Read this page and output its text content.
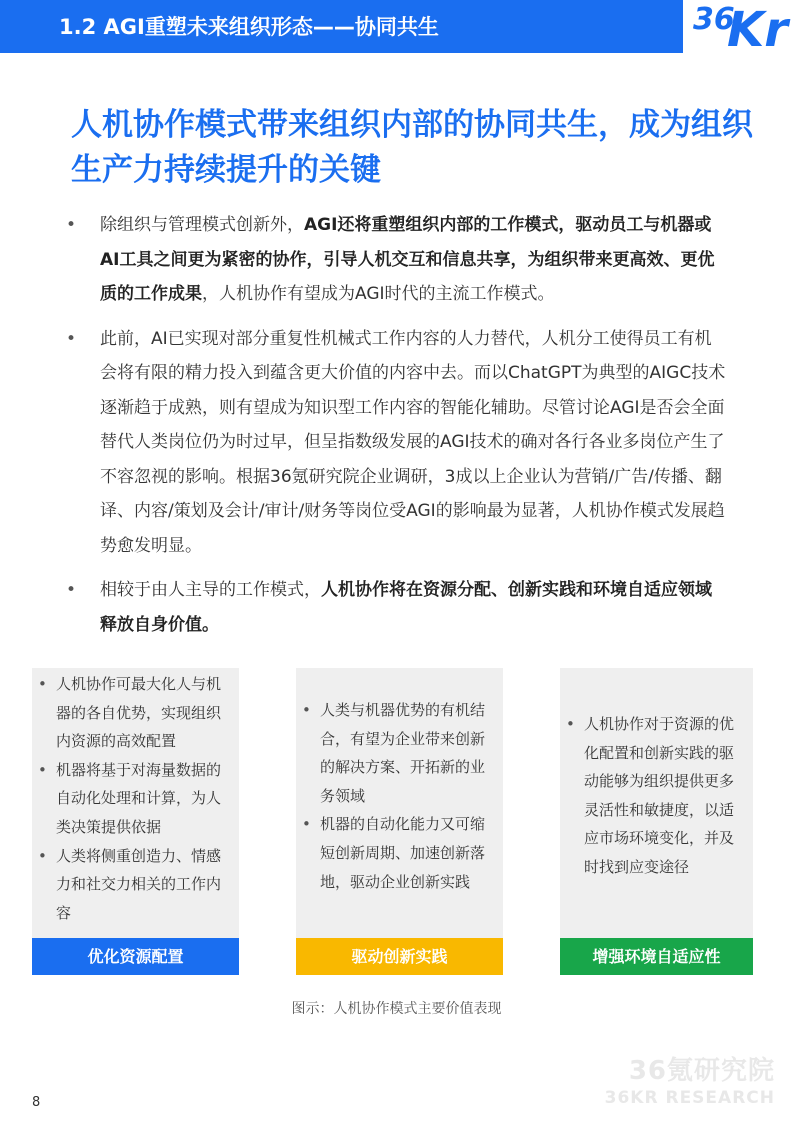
1.2 AGI重塑未来组织形态——协同共生	36
Kr
人机协作模式带来组织内部的协同共生，成为组织生产力持续提升的关键
• 除组织与管理模式创新外，AGI还将重塑组织内部的工作模式，驱动员工与机器或AI工具之间更为紧密的协作，引导人机交互和信息共享，为组织带来更高效、更优质的工作成果，人机协作有望成为AGI时代的主流工作模式。
• 此前，AI已实现对部分重复性机械式工作内容的人力替代，人机分工使得员工有机会将有限的精力投入到蕴含更大价值的内容中去。而以ChatGPT为典型的AIGC技术逐渐趋于成熟，则有望成为知识型工作内容的智能化辅助。尽管讨论AGI是否会全面替代人类岗位仍为时过早，但呈指数级发展的AGI技术的确对各行各业多岗位产生了不容忽视的影响。根据36氪研究院企业调研，3成以上企业认为营销/广告/传播、翻译、内容/策划及会计/审计/财务等岗位受AGI的影响最为显著，人机协作模式发展趋势愈发明显。
• 相较于由人主导的工作模式，人机协作将在资源分配、创新实践和环境自适应领域释放自身价值。
• 人机协作可最大化人与机器的各自优势，实现组织内资源的高效配置
• 机器将基于对海量数据的自动化处理和计算，为人类决策提供依据
• 人类将侧重创造力、情感力和社交力相关的工作内容
优化资源配置
• 人类与机器优势的有机结合，有望为企业带来创新的解决方案、开拓新的业务领域
• 机器的自动化能力又可缩短创新周期、加速创新落地，驱动企业创新实践
驱动创新实践
• 人机协作对于资源的优化配置和创新实践的驱动能够为组织提供更多灵活性和敏捷度，以适应市场环境变化，并及时找到应变途径
增强环境自适应性
图示：人机协作模式主要价值表现
36氪研究院
36KR RESEARCH
8
